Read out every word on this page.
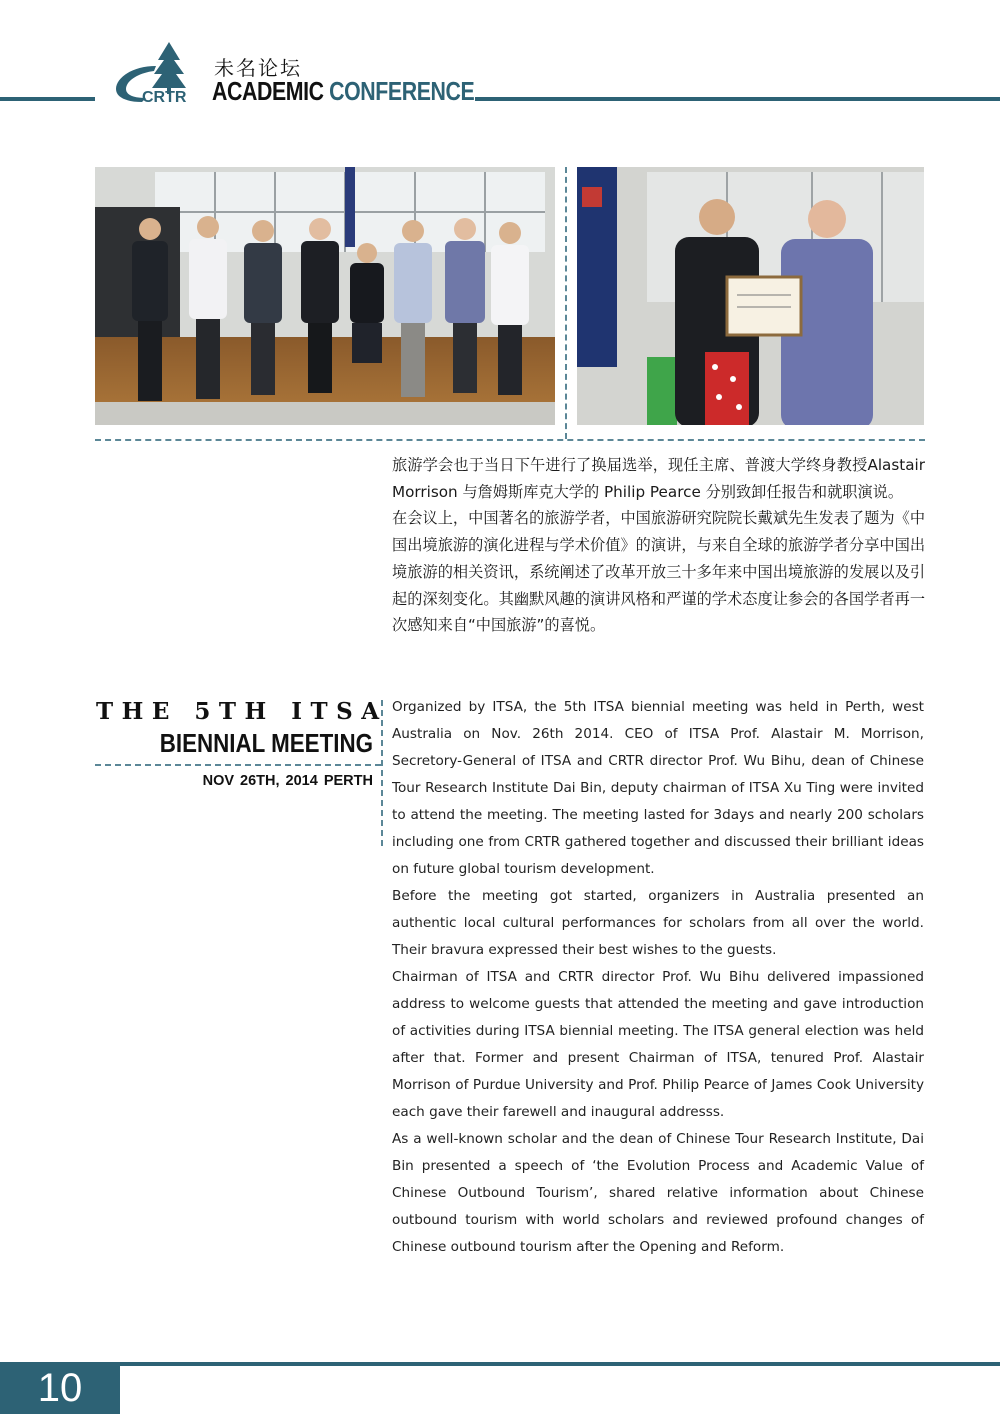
CRTR
未名论坛
ACADEMIC CONFERENCE

旅游学会也于当日下午进行了换届选举，现任主席、普渡大学终身教授Alastair Morrison 与詹姆斯库克大学的 Philip Pearce 分别致卸任报告和就职演说。

在会议上，中国著名的旅游学者，中国旅游研究院院长戴斌先生发表了题为《中国出境旅游的演化进程与学术价值》的演讲，与来自全球的旅游学者分享中国出境旅游的相关资讯，系统阐述了改革开放三十多年来中国出境旅游的发展以及引起的深刻变化。其幽默风趣的演讲风格和严谨的学术态度让参会的各国学者再一次感知来自“中国旅游”的喜悦。

THE 5TH ITSA
BIENNIAL MEETING
NOV 26TH, 2014 PERTH

Organized by ITSA, the 5th ITSA biennial meeting was held in Perth, west Australia on Nov. 26th 2014. CEO of ITSA Prof. Alastair M. Morrison, Secretory-General of ITSA and CRTR director Prof. Wu Bihu, dean of Chinese Tour Research Institute Dai Bin, deputy chairman of ITSA Xu Ting were invited to attend the meeting. The meeting lasted for 3days and nearly 200 scholars including one from CRTR gathered together and discussed their brilliant ideas on future global tourism development.

Before the meeting got started, organizers in Australia presented an authentic local cultural performances for scholars from all over the world. Their bravura expressed their best wishes to the guests.

Chairman of ITSA and CRTR director Prof. Wu Bihu delivered impassioned address to welcome guests that attended the meeting and gave introduction of activities during ITSA biennial meeting. The ITSA general election was held after that. Former and present Chairman of ITSA, tenured Prof. Alastair Morrison of Purdue University and Prof. Philip Pearce of James Cook University each gave their farewell and inaugural addresss.

As a well-known scholar and the dean of Chinese Tour Research Institute, Dai Bin presented a speech of ‘the Evolution Process and Academic Value of Chinese Outbound Tourism’, shared relative information about Chinese outbound tourism with world scholars and reviewed profound changes of Chinese outbound tourism after the Opening and Reform.

10
